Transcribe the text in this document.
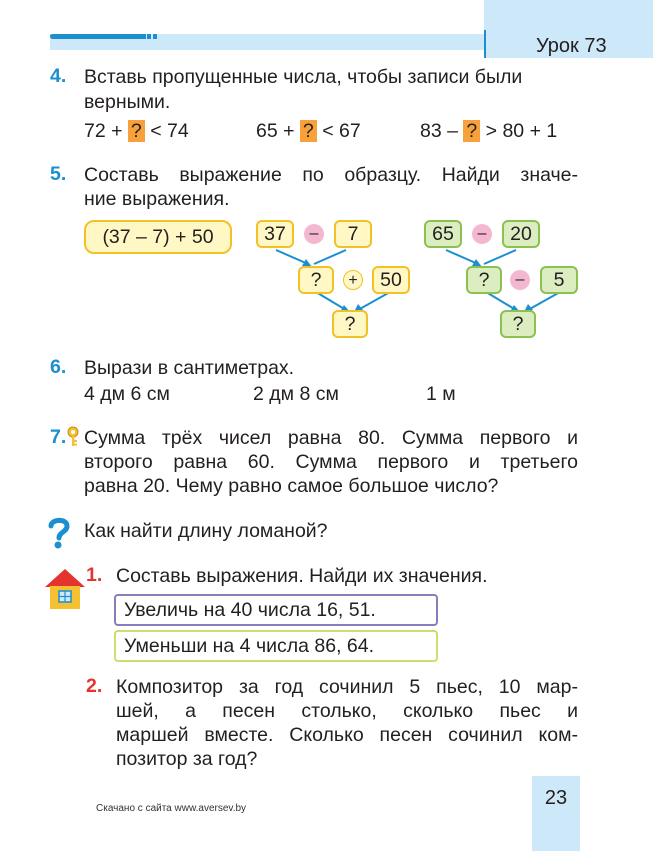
Урок 73
4. Вставь пропущенные числа, чтобы записи были
верными.
72 + ? < 74	65 + ? < 67	83 – ? > 80 + 1
5. Составь выражение по образцу. Найди значе-
ние выражения.
(37 – 7) + 50	37	–	7
?	+	50
?
65	–	20
?	–	5
?
6. Вырази в сантиметрах.
4 дм 6 см	2 дм 8 см	1 м
7. Сумма трёх чисел равна 80. Сумма первого и
второго равна 60. Сумма первого и третьего
равна 20. Чему равно самое большое число?
Как найти длину ломаной?
1. Составь выражения. Найди их значения.
Увеличь на 40 числа 16, 51.
Уменьши на 4 числа 86, 64.
2. Композитор за год сочинил 5 пьес, 10 мар-
шей, а песен столько, сколько пьес и
маршей вместе. Сколько песен сочинил ком-
позитор за год?
Скачано с сайта www.aversev.by	23
